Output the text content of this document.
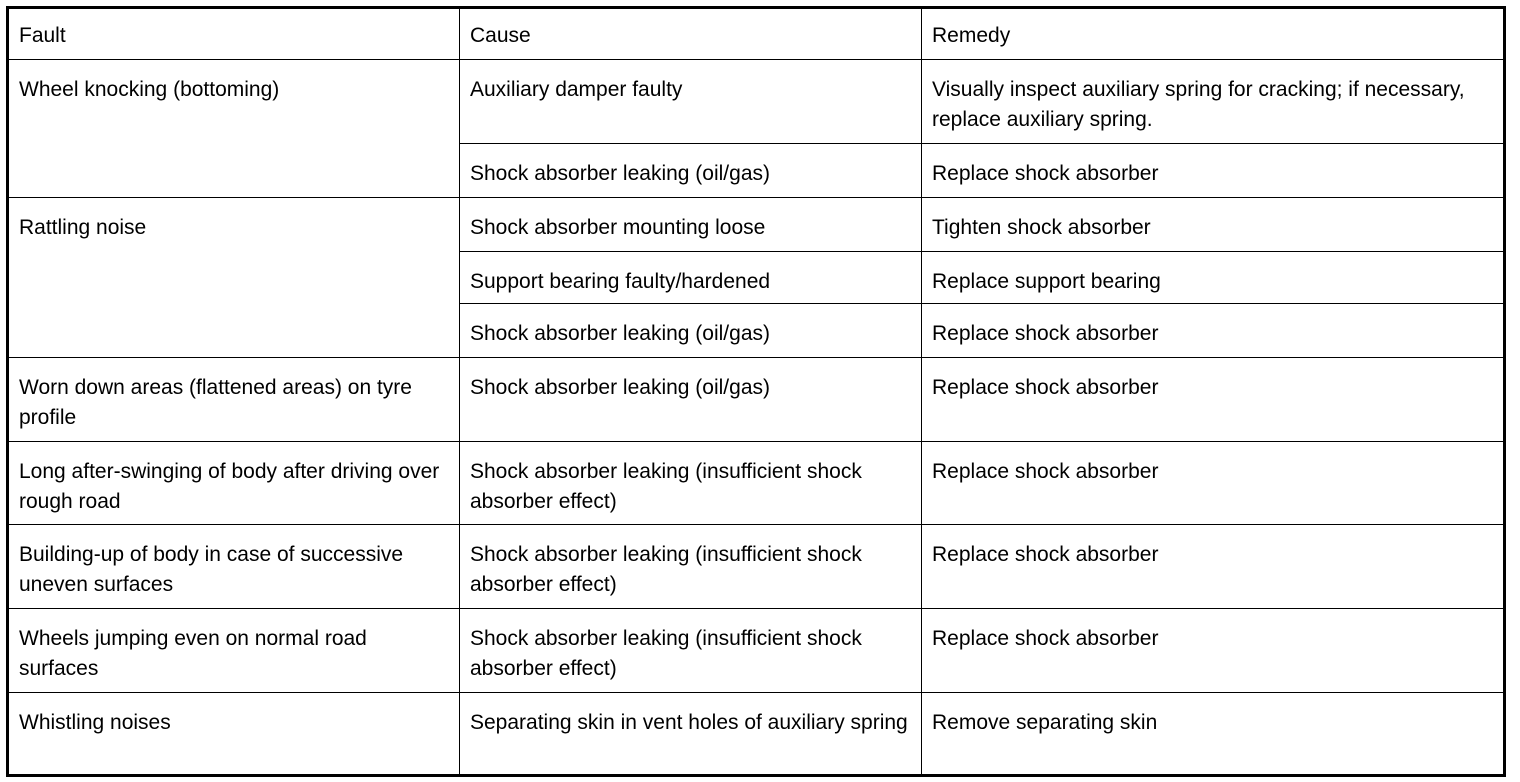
Fault	Cause	Remedy
Wheel knocking (bottoming)	Auxiliary damper faulty	Visually inspect auxiliary spring for cracking; if necessary, replace auxiliary spring.
	Shock absorber leaking (oil/gas)	Replace shock absorber
Rattling noise	Shock absorber mounting loose	Tighten shock absorber
	Support bearing faulty/hardened	Replace support bearing
	Shock absorber leaking (oil/gas)	Replace shock absorber
Worn down areas (flattened areas) on tyre profile	Shock absorber leaking (oil/gas)	Replace shock absorber
Long after-swinging of body after driving over rough road	Shock absorber leaking (insufficient shock absorber effect)	Replace shock absorber
Building-up of body in case of successive uneven surfaces	Shock absorber leaking (insufficient shock absorber effect)	Replace shock absorber
Wheels jumping even on normal road surfaces	Shock absorber leaking (insufficient shock absorber effect)	Replace shock absorber
Whistling noises	Separating skin in vent holes of auxiliary spring	Remove separating skin
